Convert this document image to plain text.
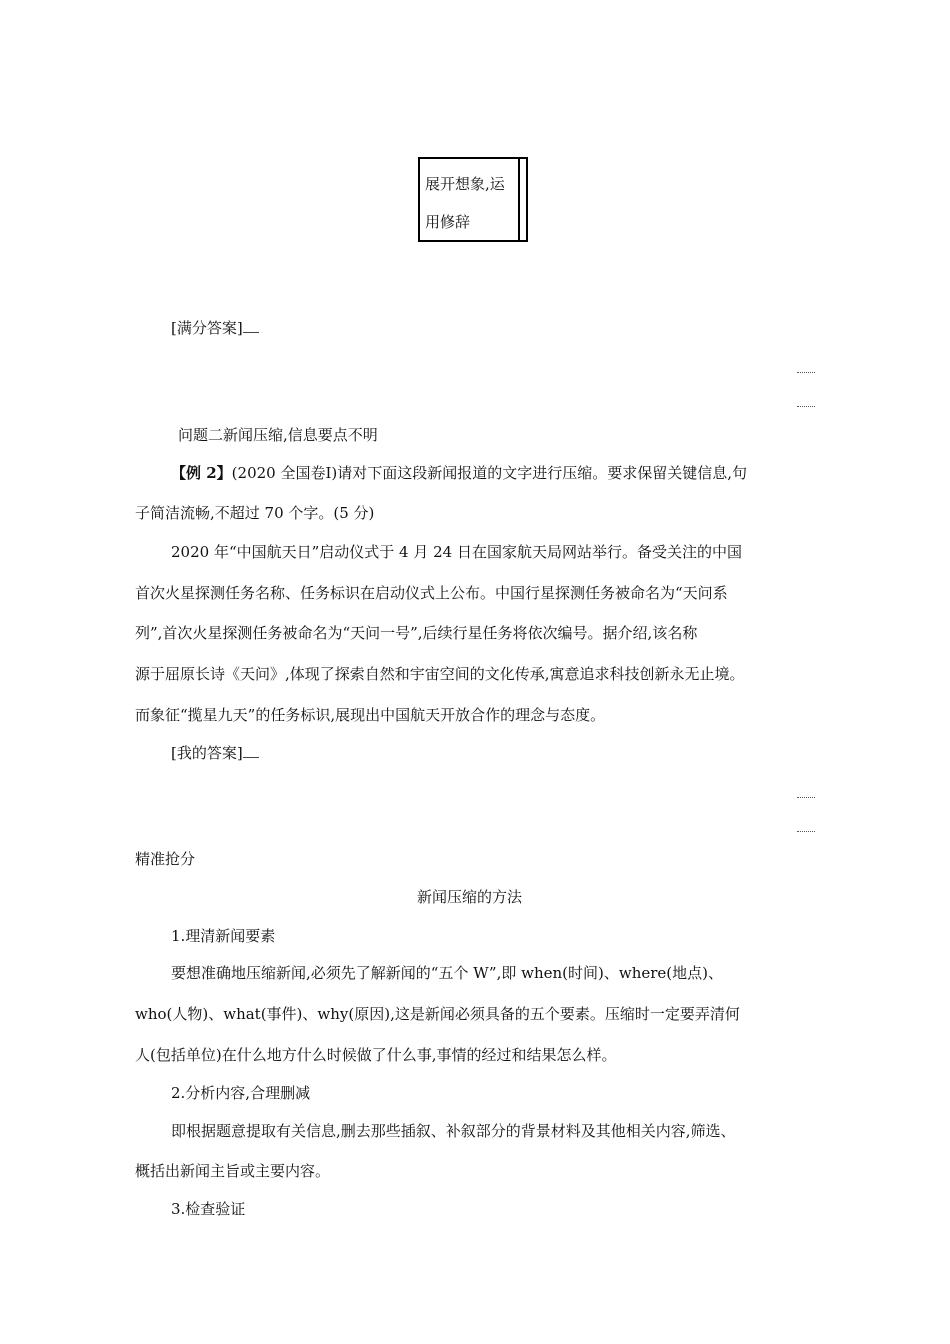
展开想象,运
用修辞
[满分答案]
问题二新闻压缩,信息要点不明
【例 2】(2020 全国卷Ⅰ)请对下面这段新闻报道的文字进行压缩。要求保留关键信息,句
子简洁流畅,不超过 70 个字。(5 分)
2020 年“中国航天日”启动仪式于 4 月 24 日在国家航天局网站举行。备受关注的中国
首次火星探测任务名称、任务标识在启动仪式上公布。中国行星探测任务被命名为“天问系
列”,首次火星探测任务被命名为“天问一号”,后续行星任务将依次编号。据介绍,该名称
源于屈原长诗《天问》,体现了探索自然和宇宙空间的文化传承,寓意追求科技创新永无止境。
而象征“揽星九天”的任务标识,展现出中国航天开放合作的理念与态度。
[我的答案]
精准抢分
新闻压缩的方法
1.理清新闻要素
要想准确地压缩新闻,必须先了解新闻的“五个 W”,即 when(时间)、where(地点)、
who(人物)、what(事件)、why(原因),这是新闻必须具备的五个要素。压缩时一定要弄清何
人(包括单位)在什么地方什么时候做了什么事,事情的经过和结果怎么样。
2.分析内容,合理删减
即根据题意提取有关信息,删去那些插叙、补叙部分的背景材料及其他相关内容,筛选、
概括出新闻主旨或主要内容。
3.检查验证
